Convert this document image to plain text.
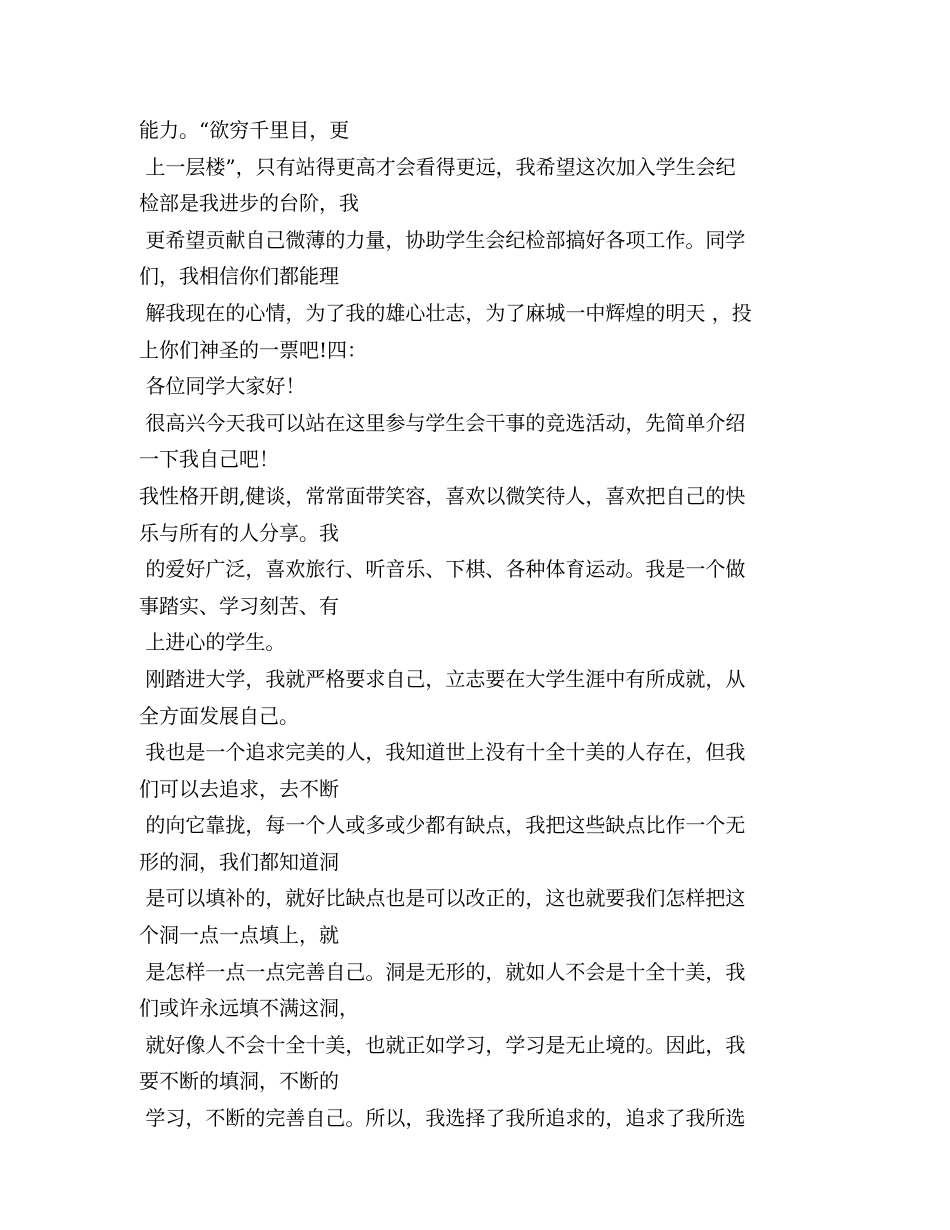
能力。“欲穷千里目，更
上一层楼”，只有站得更高才会看得更远，我希望这次加入学生会纪
检部是我进步的台阶，我
更希望贡献自己微薄的力量，协助学生会纪检部搞好各项工作。同学
们，我相信你们都能理
解我现在的心情，为了我的雄心壮志，为了麻城一中辉煌的明天 ，投
上你们神圣的一票吧!四：
各位同学大家好！
很高兴今天我可以站在这里参与学生会干事的竞选活动，先简单介绍
一下我自己吧！
我性格开朗,健谈，常常面带笑容，喜欢以微笑待人，喜欢把自己的快
乐与所有的人分享。我
的爱好广泛，喜欢旅行、听音乐、下棋、各种体育运动。我是一个做
事踏实、学习刻苦、有
上进心的学生。
刚踏进大学，我就严格要求自己，立志要在大学生涯中有所成就，从
全方面发展自己。
我也是一个追求完美的人，我知道世上没有十全十美的人存在，但我
们可以去追求，去不断
的向它靠拢，每一个人或多或少都有缺点，我把这些缺点比作一个无
形的洞，我们都知道洞
是可以填补的，就好比缺点也是可以改正的，这也就要我们怎样把这
个洞一点一点填上，就
是怎样一点一点完善自己。洞是无形的，就如人不会是十全十美，我
们或许永远填不满这洞，
就好像人不会十全十美，也就正如学习，学习是无止境的。因此，我
要不断的填洞，不断的
学习，不断的完善自己。所以，我选择了我所追求的，追求了我所选
